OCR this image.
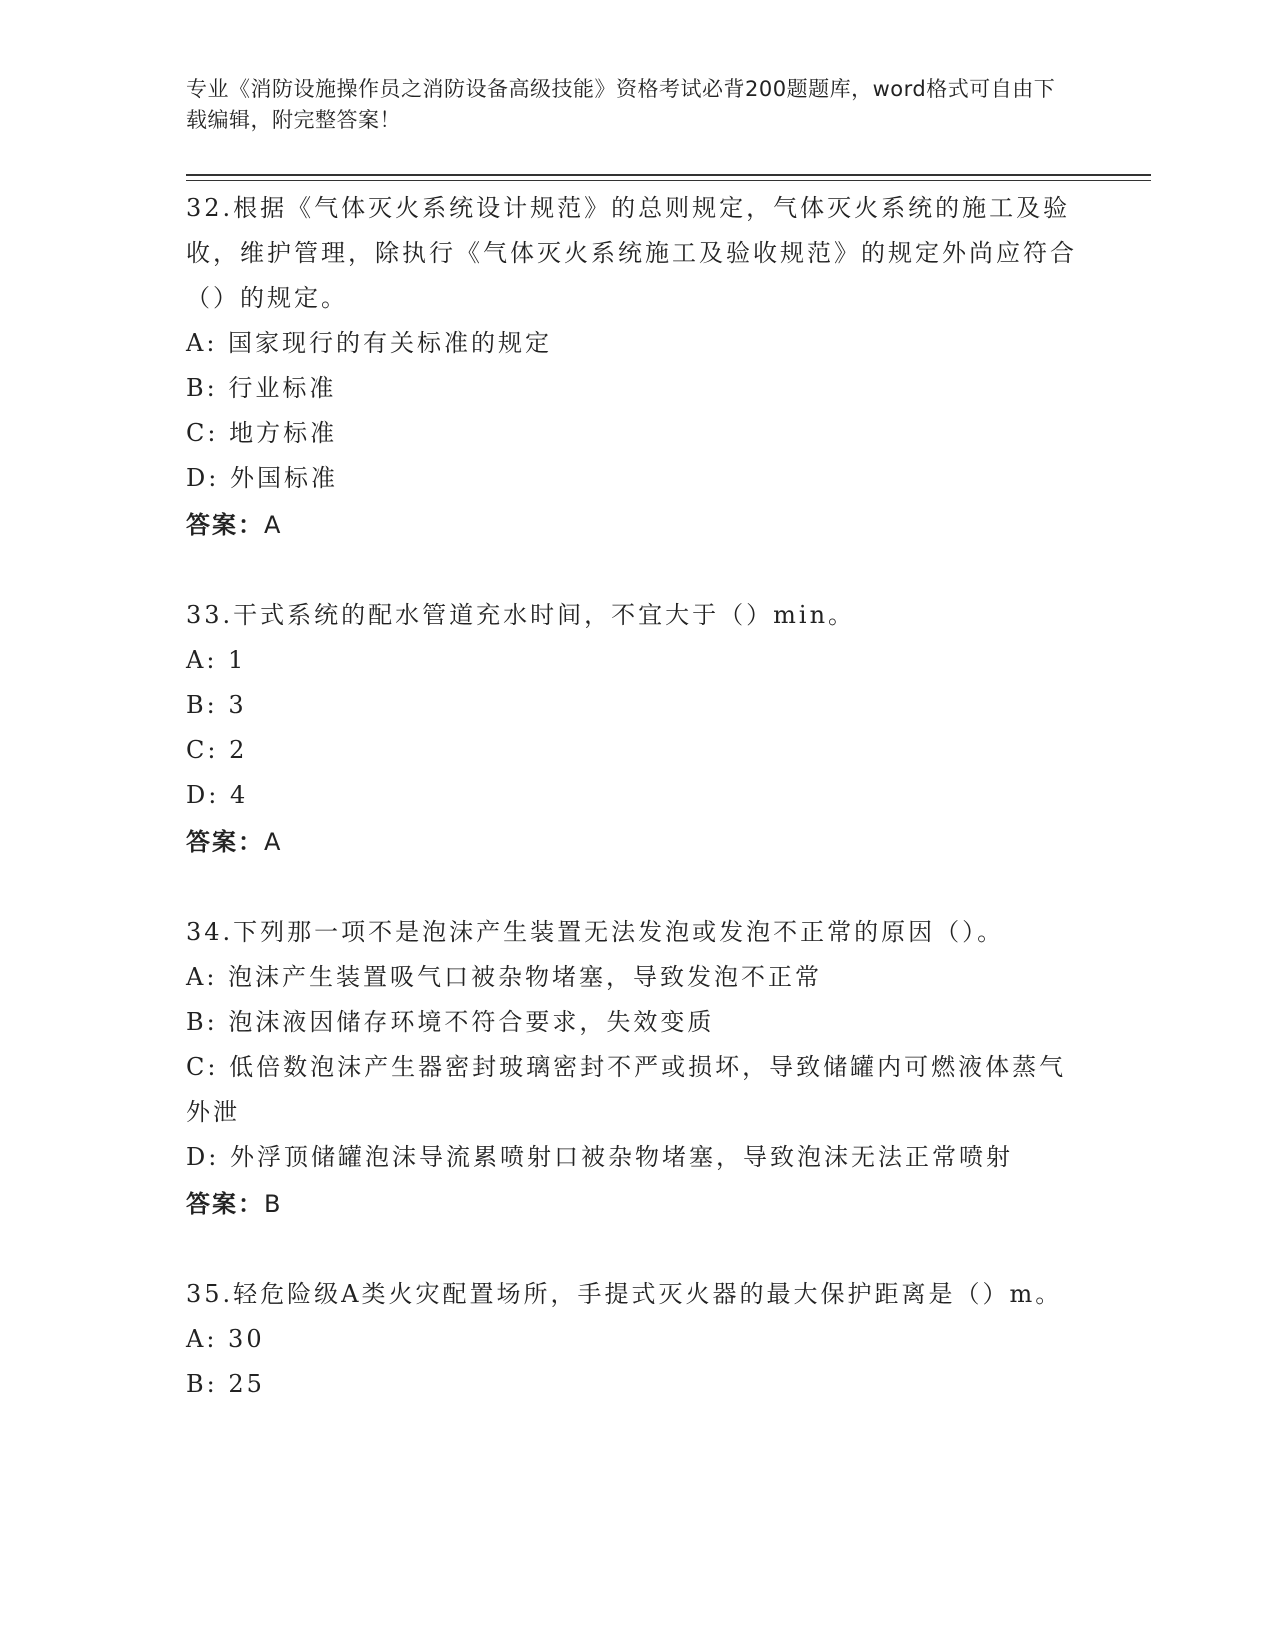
专业《消防设施操作员之消防设备高级技能》资格考试必背200题题库，word格式可自由下载编辑，附完整答案！
32.根据《气体灭火系统设计规范》的总则规定，气体灭火系统的施工及验收，维护管理，除执行《气体灭火系统施工及验收规范》的规定外尚应符合（）的规定。
A: 国家现行的有关标准的规定
B: 行业标准
C: 地方标准
D: 外国标准
答案：A
33.干式系统的配水管道充水时间，不宜大于（）min。
A: 1
B: 3
C: 2
D: 4
答案：A
34.下列那一项不是泡沫产生装置无法发泡或发泡不正常的原因（）。
A: 泡沫产生装置吸气口被杂物堵塞，导致发泡不正常
B: 泡沫液因储存环境不符合要求，失效变质
C: 低倍数泡沫产生器密封玻璃密封不严或损坏，导致储罐内可燃液体蒸气外泄
D: 外浮顶储罐泡沫导流累喷射口被杂物堵塞，导致泡沫无法正常喷射
答案：B
35.轻危险级A类火灾配置场所，手提式灭火器的最大保护距离是（）m。
A: 30
B: 25
